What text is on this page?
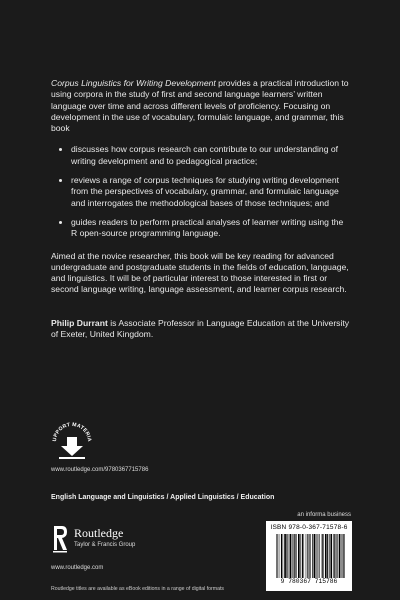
Corpus Linguistics for Writing Development provides a practical introduction to using corpora in the study of first and second language learners’ written language over time and across different levels of proficiency. Focusing on development in the use of vocabulary, formulaic language, and grammar, this book

• discusses how corpus research can contribute to our understanding of writing development and to pedagogical practice;
• reviews a range of corpus techniques for studying writing development from the perspectives of vocabulary, grammar, and formulaic language and interrogates the methodological bases of those techniques; and
• guides readers to perform practical analyses of learner writing using the R open-source programming language.

Aimed at the novice researcher, this book will be key reading for advanced undergraduate and postgraduate students in the fields of education, language, and linguistics. It will be of particular interest to those interested in first or second language writing, language assessment, and learner corpus research.

Philip Durrant is Associate Professor in Language Education at the University of Exeter, United Kingdom.

UPPORT MATERIA
www.routledge.com/9780367715786
English Language and Linguistics / Applied Linguistics / Education
an informa business
Routledge
Taylor & Francis Group
www.routledge.com
Routledge titles are available as eBook editions in a range of digital formats
ISBN 978-0-367-71578-6
9 780367 715786
